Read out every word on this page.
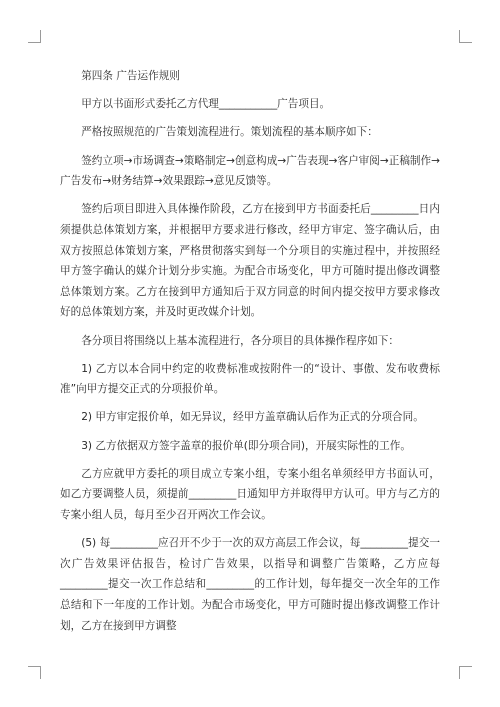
第四条 广告运作规则

甲方以书面形式委托乙方代理___________广告项目。

严格按照规范的广告策划流程进行。策划流程的基本顺序如下：

签约立项→市场调查→策略制定→创意构成→广告表现→客户审阅→正稿制作→广告发布→财务结算→效果跟踪→意见反馈等。

签约后项目即进入具体操作阶段，乙方在接到甲方书面委托后_________日内须提供总体策划方案，并根据甲方要求进行修改，经甲方审定、签字确认后，由双方按照总体策划方案，严格贯彻落实到每一个分项目的实施过程中，并按照经甲方签字确认的媒介计划分步实施。为配合市场变化，甲方可随时提出修改调整总体策划方案。乙方在接到甲方通知后于双方同意的时间内提交按甲方要求修改好的总体策划方案，并及时更改媒介计划。

各分项目将围绕以上基本流程进行，各分项目的具体操作程序如下：

1) 乙方以本合同中约定的收费标准或按附件一的“设计、事傲、发布收费标准”向甲方提交正式的分项报价单。

2) 甲方审定报价单，如无异议，经甲方盖章确认后作为正式的分项合同。

3) 乙方依据双方签字盖章的报价单(即分项合同)，开展实际性的工作。

乙方应就甲方委托的项目成立专案小组，专案小组名单须经甲方书面认可，如乙方要调整人员，须提前_________日通知甲方并取得甲方认可。甲方与乙方的专案小组人员，每月至少召开两次工作会议。

(5) 每_________应召开不少于一次的双方高层工作会议，每_________提交一次广告效果评估报告，检讨广告效果，以指导和调整广告策略，乙方应每_________提交一次工作总结和_________的工作计划，每年提交一次全年的工作总结和下一年度的工作计划。为配合市场变化，甲方可随时提出修改调整工作计划，乙方在接到甲方调整
